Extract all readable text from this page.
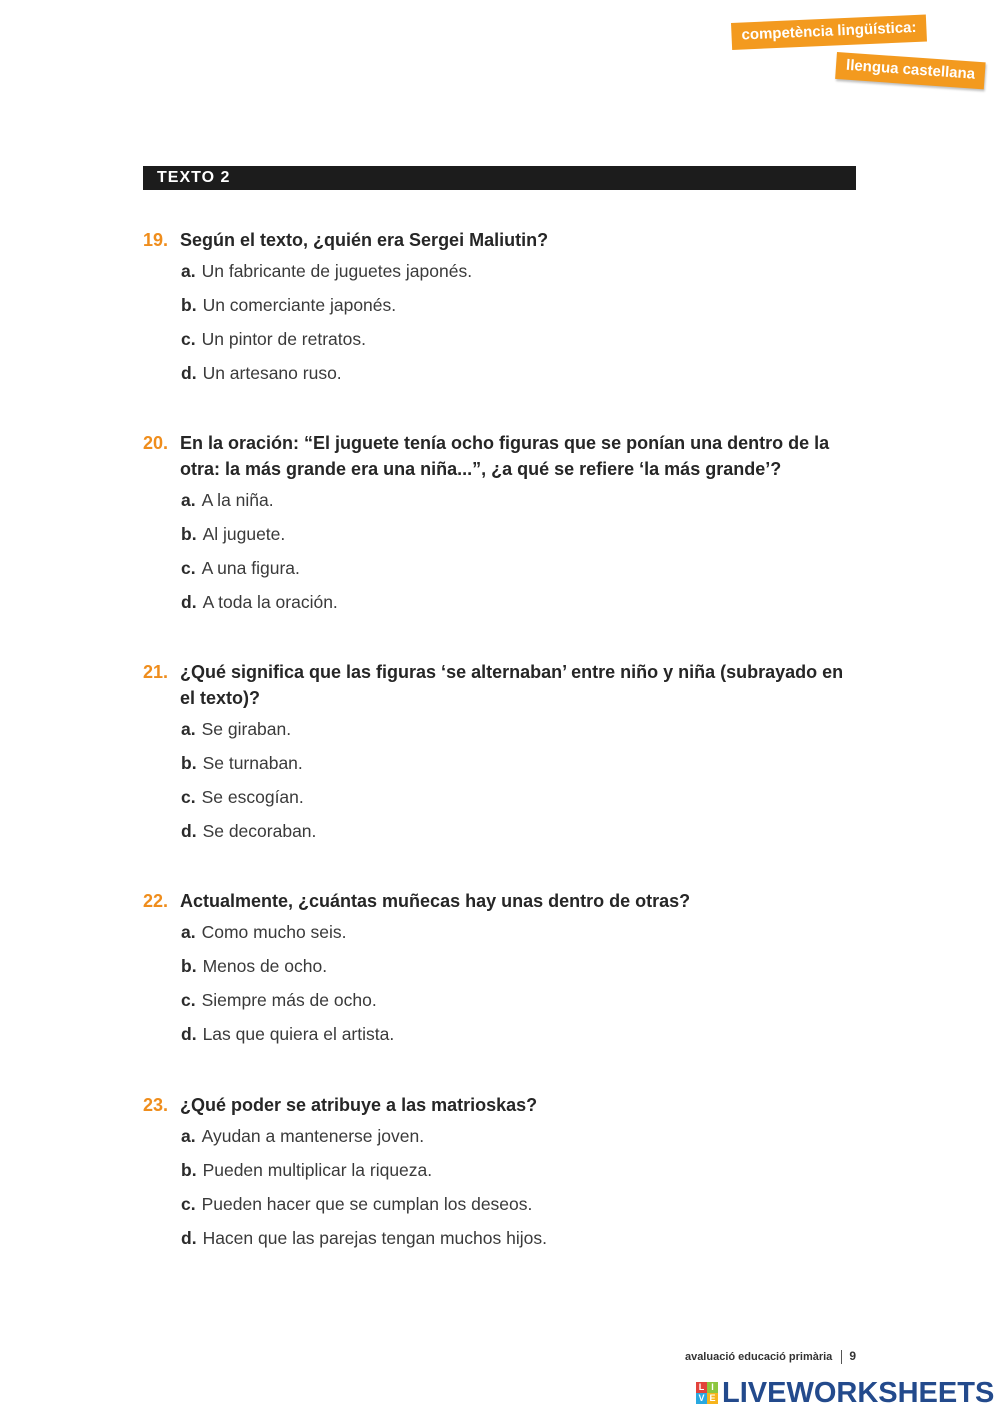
competència lingüística:
llengua castellana
TEXTO 2
19. Según el texto, ¿quién era Sergei Maliutin?
a. Un fabricante de juguetes japonés.
b. Un comerciante japonés.
c. Un pintor de retratos.
d. Un artesano ruso.
20. En la oración: “El juguete tenía ocho figuras que se ponían una dentro de la otra: la más grande era una niña...”, ¿a qué se refiere ‘la más grande’?
a. A la niña.
b. Al juguete.
c. A una figura.
d. A toda la oración.
21. ¿Qué significa que las figuras ‘se alternaban’ entre niño y niña (subrayado en el texto)?
a. Se giraban.
b. Se turnaban.
c. Se escogían.
d. Se decoraban.
22. Actualmente, ¿cuántas muñecas hay unas dentro de otras?
a. Como mucho seis.
b. Menos de ocho.
c. Siempre más de ocho.
d. Las que quiera el artista.
23. ¿Qué poder se atribuye a las matrioskas?
a. Ayudan a mantenerse joven.
b. Pueden multiplicar la riqueza.
c. Pueden hacer que se cumplan los deseos.
d. Hacen que las parejas tengan muchos hijos.
avaluació educació primària 9
L I
V E LIVEWORKSHEETS
